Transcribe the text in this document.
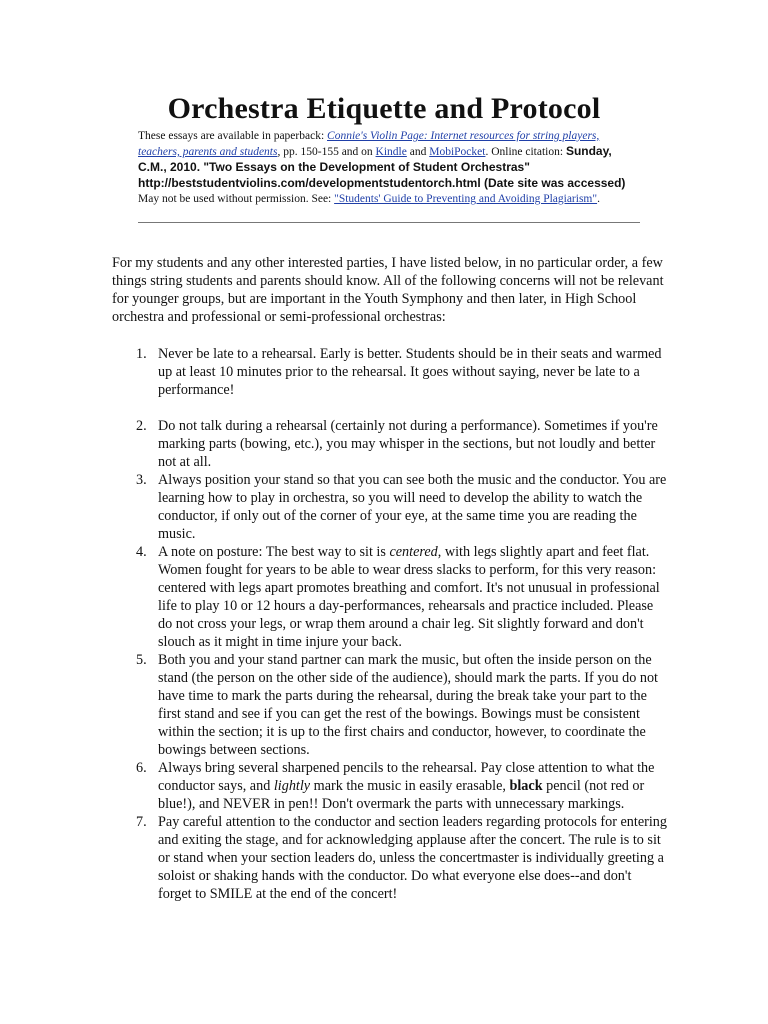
Orchestra Etiquette and Protocol
These essays are available in paperback: Connie's Violin Page: Internet resources for string players, teachers, parents and students, pp. 150-155 and on Kindle and MobiPocket. Online citation: Sunday, C.M., 2010. "Two Essays on the Development of Student Orchestras" http://beststudentviolins.com/developmentstudentorch.html (Date site was accessed) May not be used without permission. See: "Students' Guide to Preventing and Avoiding Plagiarism".

For my students and any other interested parties, I have listed below, in no particular order, a few things string students and parents should know. All of the following concerns will not be relevant for younger groups, but are important in the Youth Symphony and then later, in High School orchestra and professional or semi-professional orchestras:

1. Never be late to a rehearsal. Early is better. Students should be in their seats and warmed up at least 10 minutes prior to the rehearsal. It goes without saying, never be late to a performance!
2. Do not talk during a rehearsal (certainly not during a performance). Sometimes if you're marking parts (bowing, etc.), you may whisper in the sections, but not loudly and better not at all.
3. Always position your stand so that you can see both the music and the conductor. You are learning how to play in orchestra, so you will need to develop the ability to watch the conductor, if only out of the corner of your eye, at the same time you are reading the music.
4. A note on posture: The best way to sit is centered, with legs slightly apart and feet flat. Women fought for years to be able to wear dress slacks to perform, for this very reason: centered with legs apart promotes breathing and comfort. It's not unusual in professional life to play 10 or 12 hours a day-performances, rehearsals and practice included. Please do not cross your legs, or wrap them around a chair leg. Sit slightly forward and don't slouch as it might in time injure your back.
5. Both you and your stand partner can mark the music, but often the inside person on the stand (the person on the other side of the audience), should mark the parts. If you do not have time to mark the parts during the rehearsal, during the break take your part to the first stand and see if you can get the rest of the bowings. Bowings must be consistent within the section; it is up to the first chairs and conductor, however, to coordinate the bowings between sections.
6. Always bring several sharpened pencils to the rehearsal. Pay close attention to what the conductor says, and lightly mark the music in easily erasable, black pencil (not red or blue!), and NEVER in pen!! Don't overmark the parts with unnecessary markings.
7. Pay careful attention to the conductor and section leaders regarding protocols for entering and exiting the stage, and for acknowledging applause after the concert. The rule is to sit or stand when your section leaders do, unless the concertmaster is individually greeting a soloist or shaking hands with the conductor. Do what everyone else does--and don't forget to SMILE at the end of the concert!
